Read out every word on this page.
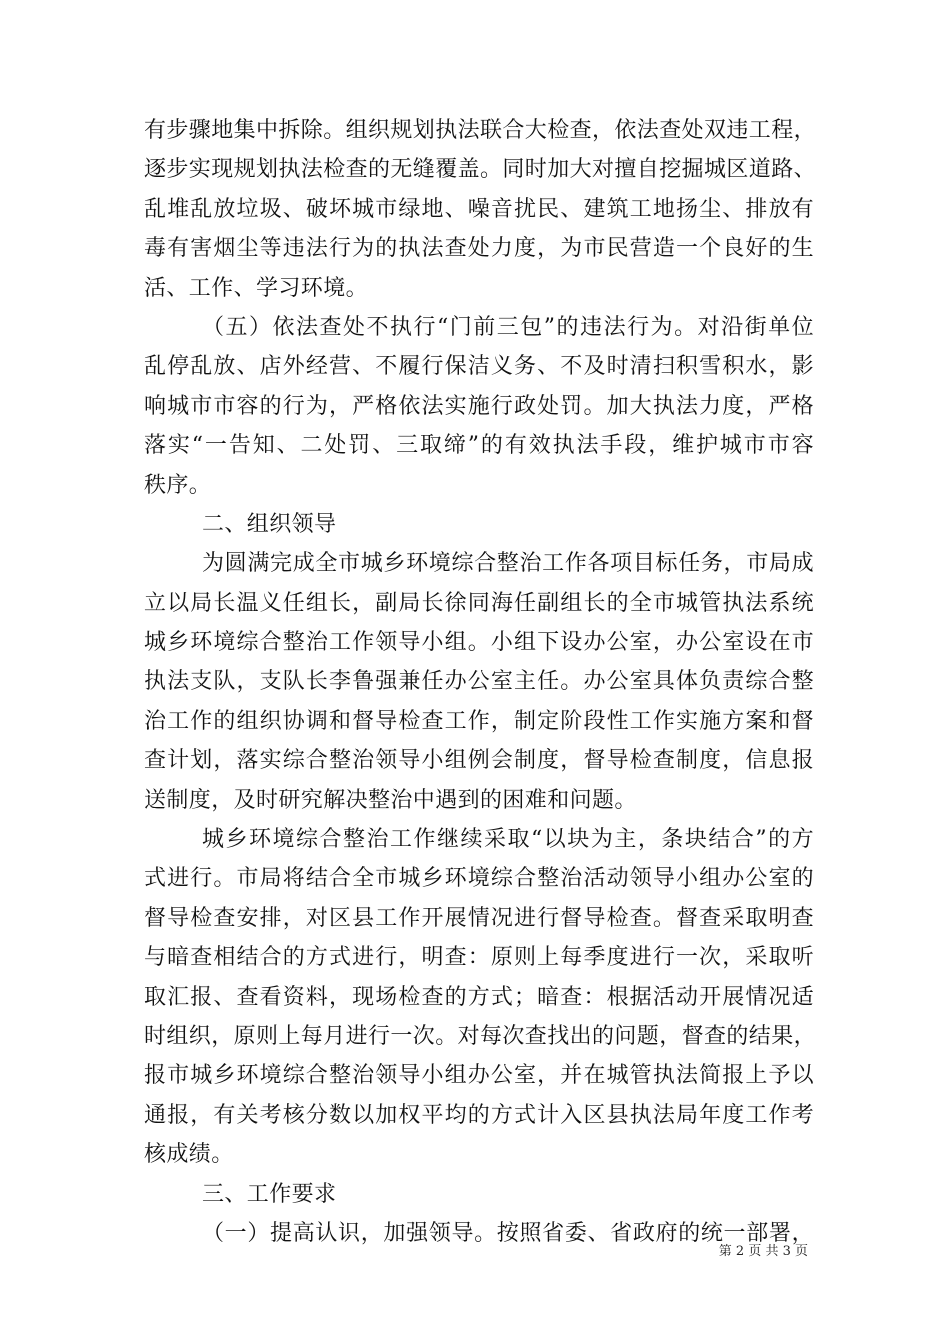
有步骤地集中拆除。组织规划执法联合大检查，依法查处双违工程，
逐步实现规划执法检查的无缝覆盖。同时加大对擅自挖掘城区道路、
乱堆乱放垃圾、破坏城市绿地、噪音扰民、建筑工地扬尘、排放有
毒有害烟尘等违法行为的执法查处力度，为市民营造一个良好的生
活、工作、学习环境。
（五）依法查处不执行“门前三包”的违法行为。对沿街单位
乱停乱放、店外经营、不履行保洁义务、不及时清扫积雪积水，影
响城市市容的行为，严格依法实施行政处罚。加大执法力度，严格
落实“一告知、二处罚、三取缔”的有效执法手段，维护城市市容
秩序。
二、组织领导
为圆满完成全市城乡环境综合整治工作各项目标任务，市局成
立以局长温义任组长，副局长徐同海任副组长的全市城管执法系统
城乡环境综合整治工作领导小组。小组下设办公室，办公室设在市
执法支队，支队长李鲁强兼任办公室主任。办公室具体负责综合整
治工作的组织协调和督导检查工作，制定阶段性工作实施方案和督
查计划，落实综合整治领导小组例会制度，督导检查制度，信息报
送制度，及时研究解决整治中遇到的困难和问题。
城乡环境综合整治工作继续采取“以块为主，条块结合”的方
式进行。市局将结合全市城乡环境综合整治活动领导小组办公室的
督导检查安排，对区县工作开展情况进行督导检查。督查采取明查
与暗查相结合的方式进行，明查：原则上每季度进行一次，采取听
取汇报、查看资料，现场检查的方式；暗查：根据活动开展情况适
时组织，原则上每月进行一次。对每次查找出的问题，督查的结果，
报市城乡环境综合整治领导小组办公室，并在城管执法简报上予以
通报，有关考核分数以加权平均的方式计入区县执法局年度工作考
核成绩。
三、工作要求
（一）提高认识，加强领导。按照省委、省政府的统一部署，
第 2 页 共 3 页
